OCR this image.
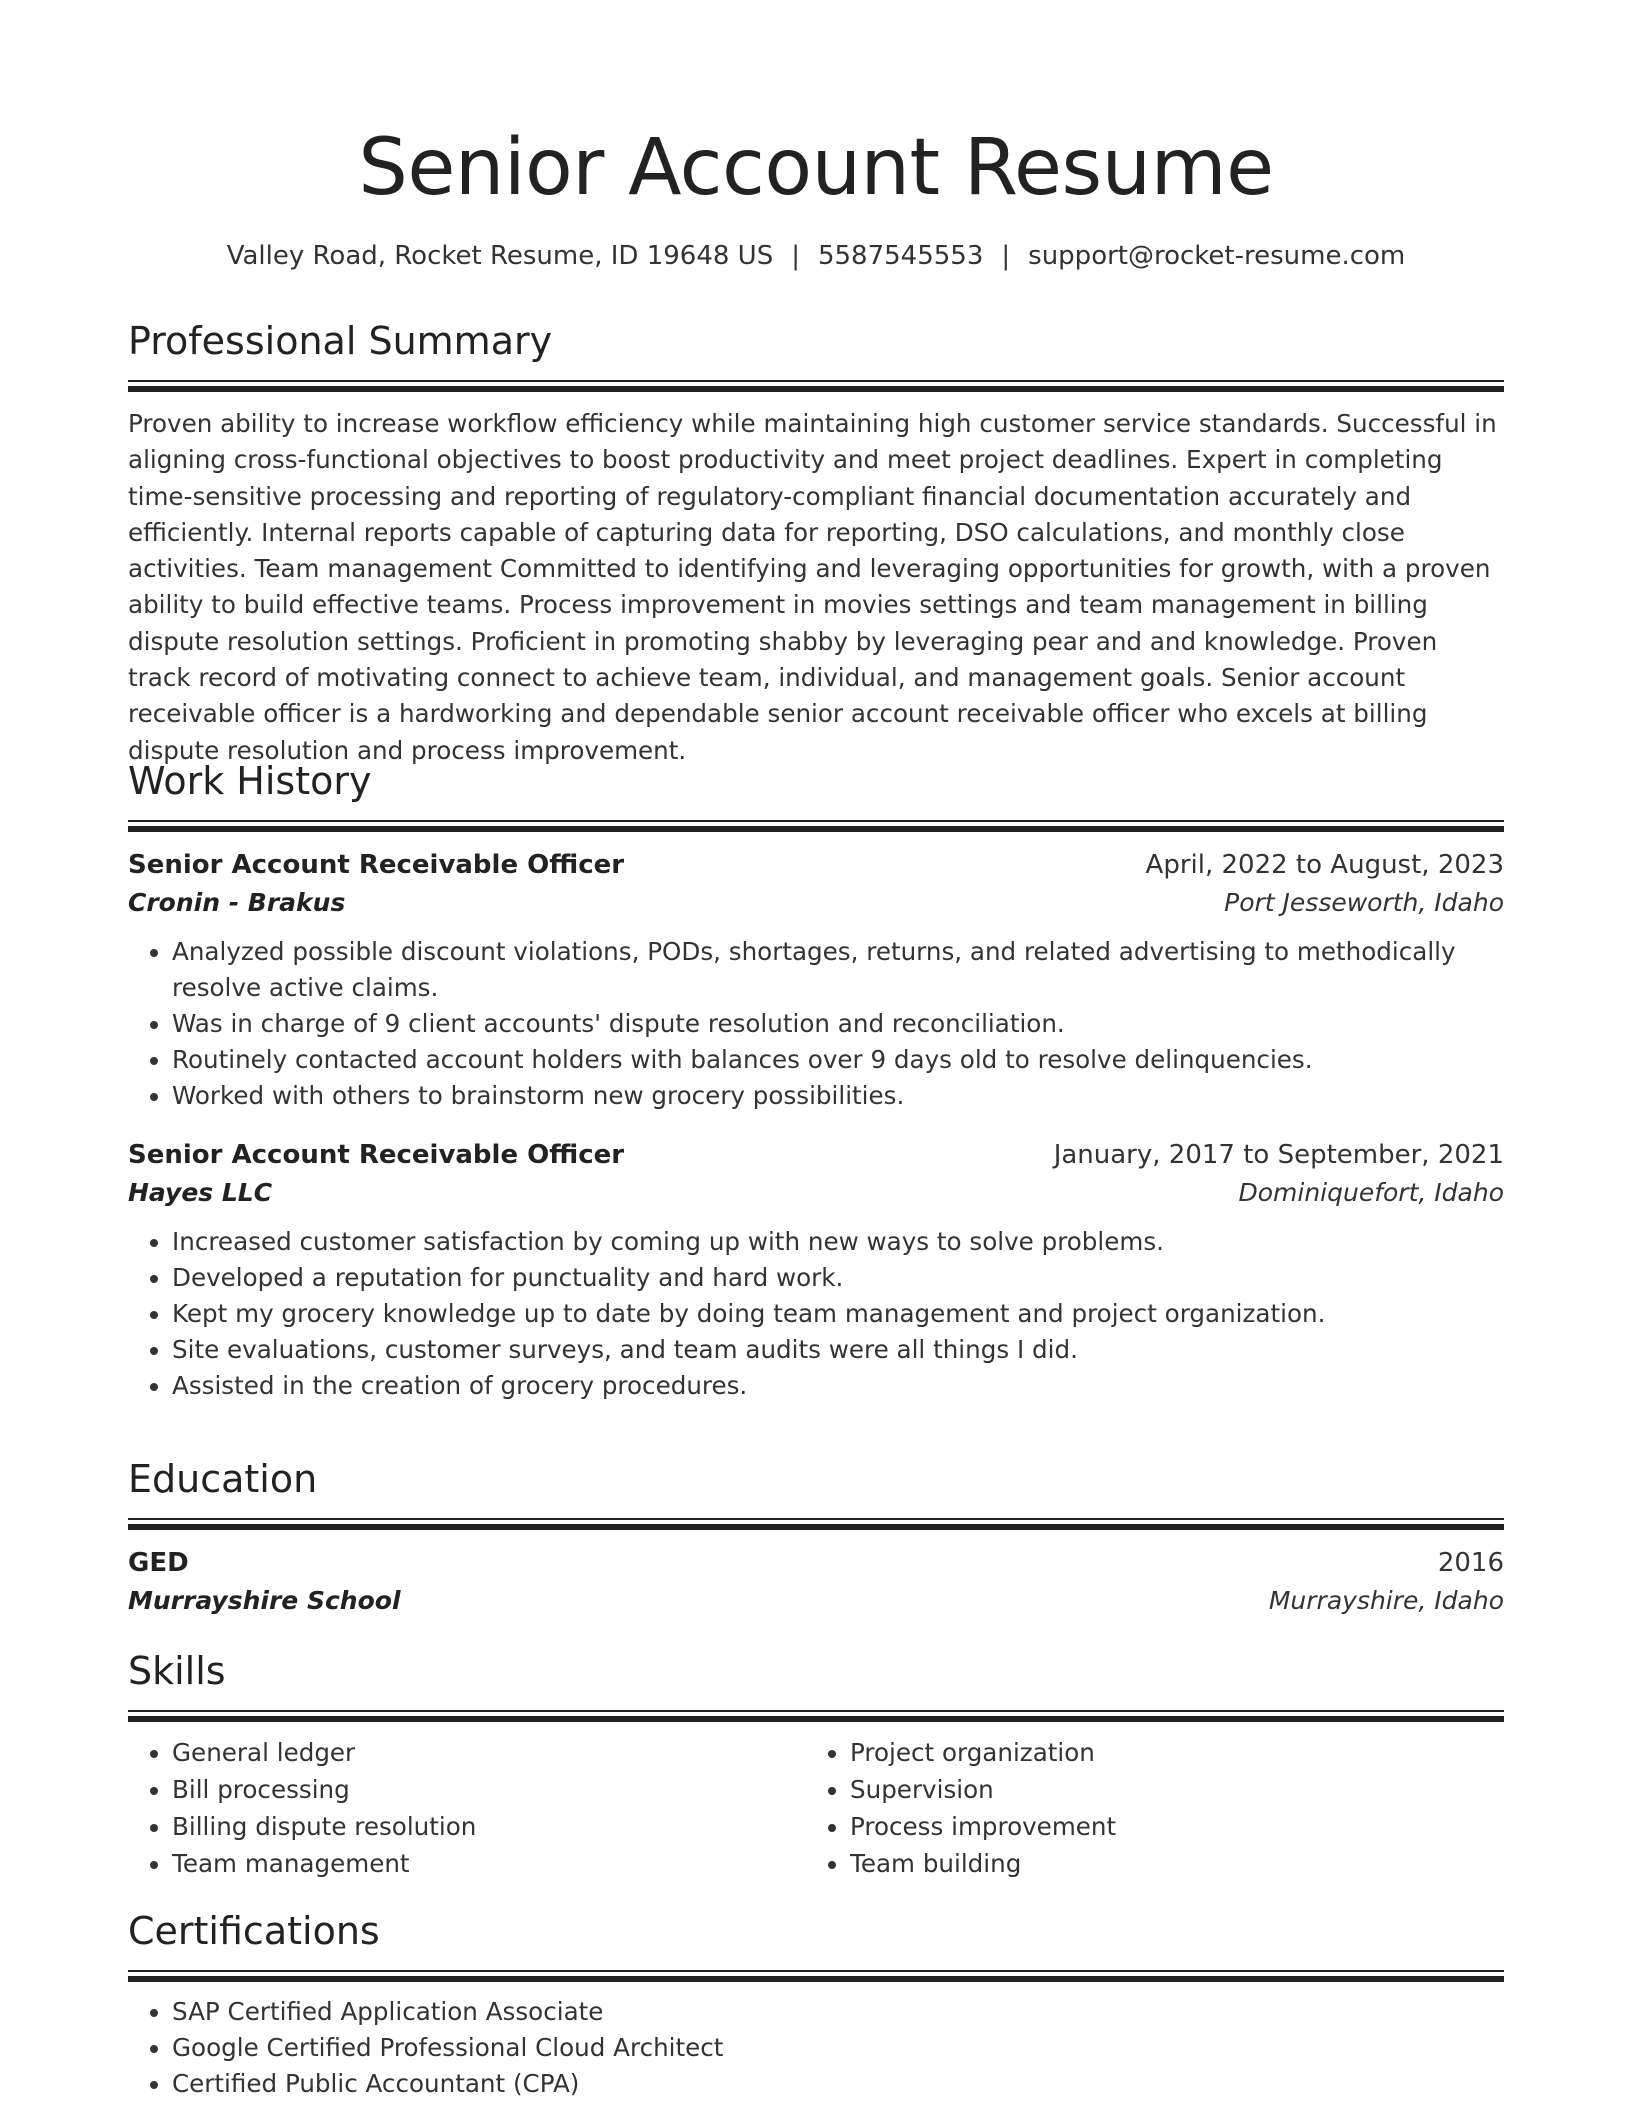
Senior Account Resume
Valley Road, Rocket Resume, ID 19648 US | 5587545553 | support@rocket-resume.com
Professional Summary

Proven ability to increase workflow efficiency while maintaining high customer service standards. Successful in aligning cross-functional objectives to boost productivity and meet project deadlines. Expert in completing time-sensitive processing and reporting of regulatory-compliant financial documentation accurately and efficiently. Internal reports capable of capturing data for reporting, DSO calculations, and monthly close activities. Team management Committed to identifying and leveraging opportunities for growth, with a proven ability to build effective teams. Process improvement in movies settings and team management in billing dispute resolution settings. Proficient in promoting shabby by leveraging pear and and knowledge. Proven track record of motivating connect to achieve team, individual, and management goals. Senior account receivable officer is a hardworking and dependable senior account receivable officer who excels at billing dispute resolution and process improvement.

Work History
Senior Account Receivable Officer	April, 2022 to August, 2023
Cronin - Brakus	Port Jesseworth, Idaho
• Analyzed possible discount violations, PODs, shortages, returns, and related advertising to methodically resolve active claims.
• Was in charge of 9 client accounts' dispute resolution and reconciliation.
• Routinely contacted account holders with balances over 9 days old to resolve delinquencies.
• Worked with others to brainstorm new grocery possibilities.
Senior Account Receivable Officer	January, 2017 to September, 2021
Hayes LLC	Dominiquefort, Idaho
• Increased customer satisfaction by coming up with new ways to solve problems.
• Developed a reputation for punctuality and hard work.
• Kept my grocery knowledge up to date by doing team management and project organization.
• Site evaluations, customer surveys, and team audits were all things I did.
• Assisted in the creation of grocery procedures.
Education
GED	2016
Murrayshire School	Murrayshire, Idaho
Skills
• General ledger
• Bill processing
• Billing dispute resolution
• Team management
• Project organization
• Supervision
• Process improvement
• Team building
Certifications
• SAP Certified Application Associate
• Google Certified Professional Cloud Architect
• Certified Public Accountant (CPA)
